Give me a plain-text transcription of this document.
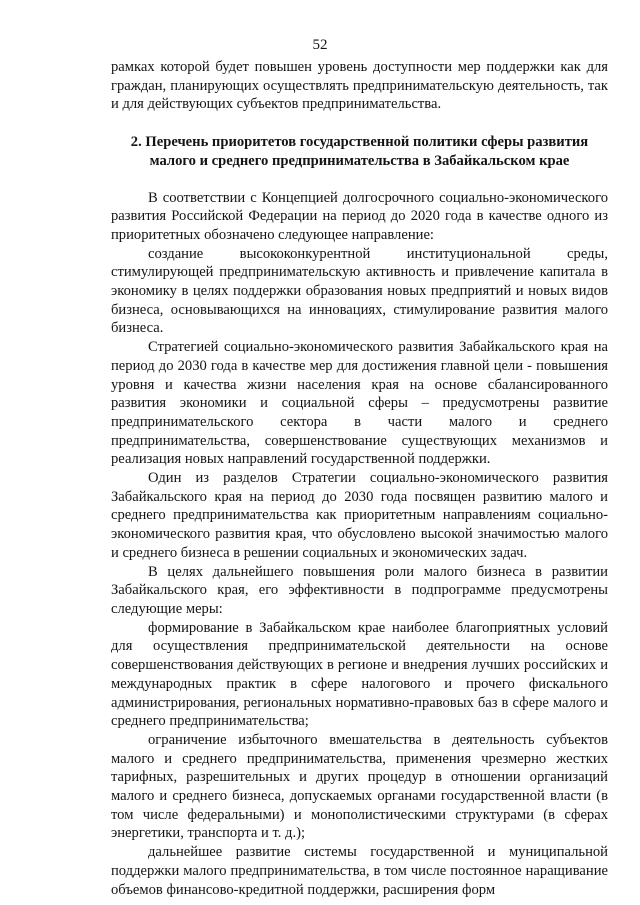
52

рамках которой будет повышен уровень доступности мер поддержки как для граждан, планирующих осуществлять предпринимательскую деятельность, так и для действующих субъектов предпринимательства.

2. Перечень приоритетов государственной политики сферы развития малого и среднего предпринимательства в Забайкальском крае

В соответствии с Концепцией долгосрочного социально-экономического развития Российской Федерации на период до 2020 года в качестве одного из приоритетных обозначено следующее направление:

создание высококонкурентной институциональной среды, стимулирующей предпринимательскую активность и привлечение капитала в экономику в целях поддержки образования новых предприятий и новых видов бизнеса, основывающихся на инновациях, стимулирование развития малого бизнеса.

Стратегией социально-экономического развития Забайкальского края на период до 2030 года в качестве мер для достижения главной цели - повышения уровня и качества жизни населения края на основе сбалансированного развития экономики и социальной сферы – предусмотрены развитие предпринимательского сектора в части малого и среднего предпринимательства, совершенствование существующих механизмов и реализация новых направлений государственной поддержки.

Один из разделов Стратегии социально-экономического развития Забайкальского края на период до 2030 года посвящен развитию малого и среднего предпринимательства как приоритетным направлениям социально-экономического развития края, что обусловлено высокой значимостью малого и среднего бизнеса в решении социальных и экономических задач.

В целях дальнейшего повышения роли малого бизнеса в развитии Забайкальского края, его эффективности в подпрограмме предусмотрены следующие меры:

формирование в Забайкальском крае наиболее благоприятных условий для осуществления предпринимательской деятельности на основе совершенствования действующих в регионе и внедрения лучших российских и международных практик в сфере налогового и прочего фискального администрирования, региональных нормативно-правовых баз в сфере малого и среднего предпринимательства;

ограничение избыточного вмешательства в деятельность субъектов малого и среднего предпринимательства, применения чрезмерно жестких тарифных, разрешительных и других процедур в отношении организаций малого и среднего бизнеса, допускаемых органами государственной власти (в том числе федеральными) и монополистическими структурами (в сферах энергетики, транспорта и т. д.);

дальнейшее развитие системы государственной и муниципальной поддержки малого предпринимательства, в том числе постоянное наращивание объемов финансово-кредитной поддержки, расширения форм
